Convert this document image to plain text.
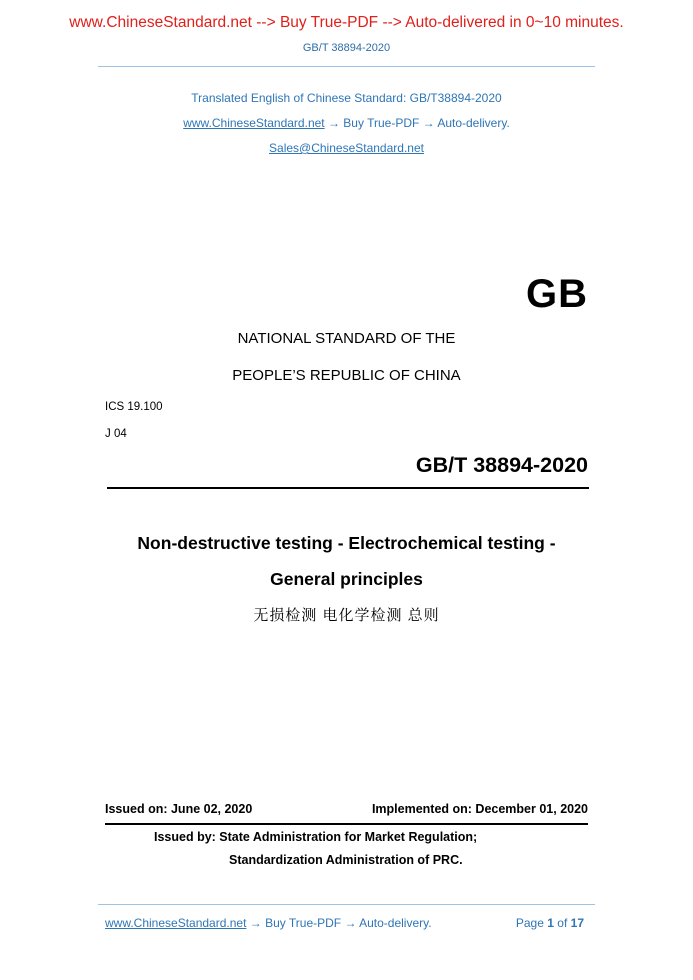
www.ChineseStandard.net --> Buy True-PDF --> Auto-delivered in 0~10 minutes.
GB/T 38894-2020
Translated English of Chinese Standard: GB/T38894-2020
www.ChineseStandard.net → Buy True-PDF → Auto-delivery.
Sales@ChineseStandard.net
GB
NATIONAL STANDARD OF THE
PEOPLE’S REPUBLIC OF CHINA
ICS 19.100
J 04
GB/T 38894-2020
Non-destructive testing - Electrochemical testing -
General principles
无损检测 电化学检测 总则
Issued on: June 02, 2020	Implemented on: December 01, 2020
Issued by: State Administration for Market Regulation;
Standardization Administration of PRC.
www.ChineseStandard.net → Buy True-PDF → Auto-delivery.	Page 1 of 17
